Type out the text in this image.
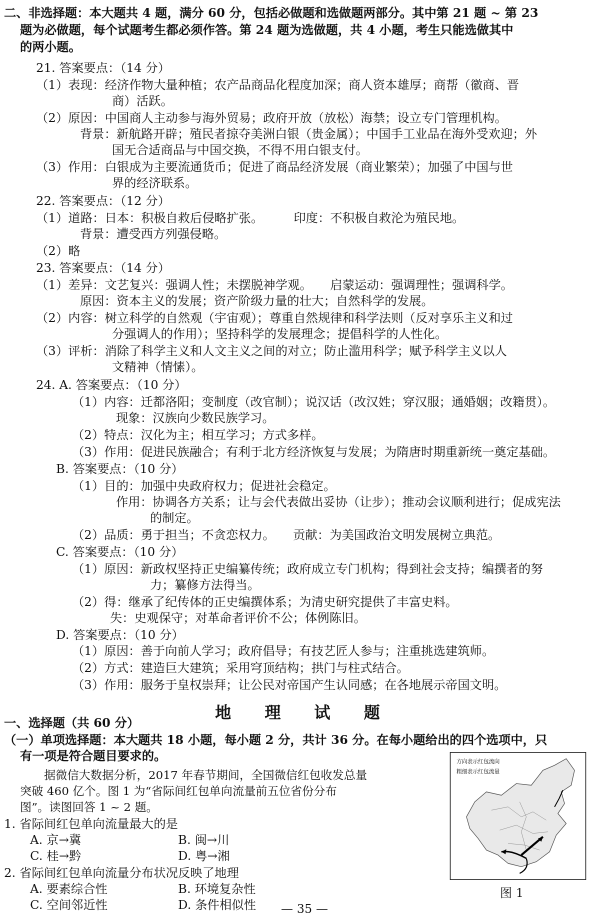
二、非选择题：本大题共 4 题，满分 60 分，包括必做题和选做题两部分。其中第 21 题 ~ 第 23
题为必做题，每个试题考生都必须作答。第 24 题为选做题，共 4 小题，考生只能选做其中
的两小题。
21. 答案要点：（14 分）
（1）表现：经济作物大量种植；农产品商品化程度加深；商人资本雄厚；商帮（徽商、晋
商）活跃。
（2）原因：中国商人主动参与海外贸易；政府开放（放松）海禁；设立专门管理机构。
背景：新航路开辟；殖民者掠夺美洲白银（贵金属）；中国手工业品在海外受欢迎；外
国无合适商品与中国交换，不得不用白银支付。
（3）作用：白银成为主要流通货币；促进了商品经济发展（商业繁荣）；加强了中国与世
界的经济联系。
22. 答案要点：（12 分）
（1）道路：日本：积极自救后侵略扩张。　　　印度：不积极自救沦为殖民地。
背景：遭受西方列强侵略。
（2）略
23. 答案要点：（14 分）
（1）差异：文艺复兴：强调人性；未摆脱神学观。　　启蒙运动：强调理性；强调科学。
原因：资本主义的发展；资产阶级力量的壮大；自然科学的发展。
（2）内容：树立科学的自然观（宇宙观）；尊重自然规律和科学法则（反对享乐主义和过
分强调人的作用）；坚持科学的发展理念；提倡科学的人性化。
（3）评析：消除了科学主义和人文主义之间的对立；防止滥用科学；赋予科学主义以人
文精神（情愫）。
24. A. 答案要点：（10 分）
（1）内容：迁都洛阳；变制度（改官制）；说汉话（改汉姓；穿汉服；通婚姻；改籍贯）。
现象：汉族向少数民族学习。
（2）特点：汉化为主；相互学习；方式多样。
（3）作用：促进民族融合；有利于北方经济恢复与发展；为隋唐时期重新统一奠定基础。
B. 答案要点：（10 分）
（1）目的：加强中央政府权力；促进社会稳定。
作用：协调各方关系；让与会代表做出妥协（让步）；推动会议顺利进行；促成宪法
的制定。
（2）品质：勇于担当；不贪恋权力。　　贡献：为美国政治文明发展树立典范。
C. 答案要点：（10 分）
（1）原因：新政权坚持正史编纂传统；政府成立专门机构；得到社会支持；编撰者的努
力；纂修方法得当。
（2）得：继承了纪传体的正史编撰体系；为清史研究提供了丰富史料。
失：史观保守；对革命者评价不公；体例陈旧。
D. 答案要点：（10 分）
（1）原因：善于向前人学习；政府倡导；有技艺匠人参与；注重挑选建筑师。
（2）方式：建造巨大建筑；采用穹顶结构；拱门与柱式结合。
（3）作用：服务于皇权崇拜；让公民对帝国产生认同感；在各地展示帝国文明。
地 理 试 题
一、选择题（共 60 分）
（一）单项选择题：本大题共 18 小题，每小题 2 分，共计 36 分。在每小题给出的四个选项中，只
有一项是符合题目要求的。
据微信大数据分析，2017 年春节期间，全国微信红包收发总量
突破 460 亿个。图 1 为“省际间红包单向流量前五位省份分布
图”。读图回答 1 ~ 2 题。
1. 省际间红包单向流量最大的是
A. 京→冀	B. 闽→川
C. 桂→黔	D. 粤→湘
2. 省际间红包单向流量分布状况反映了地理
A. 要素综合性	B. 环境复杂性
C. 空间邻近性	D. 条件相似性
方向表示红包流向
粗细表示红包流量
图 1
— 35 —
